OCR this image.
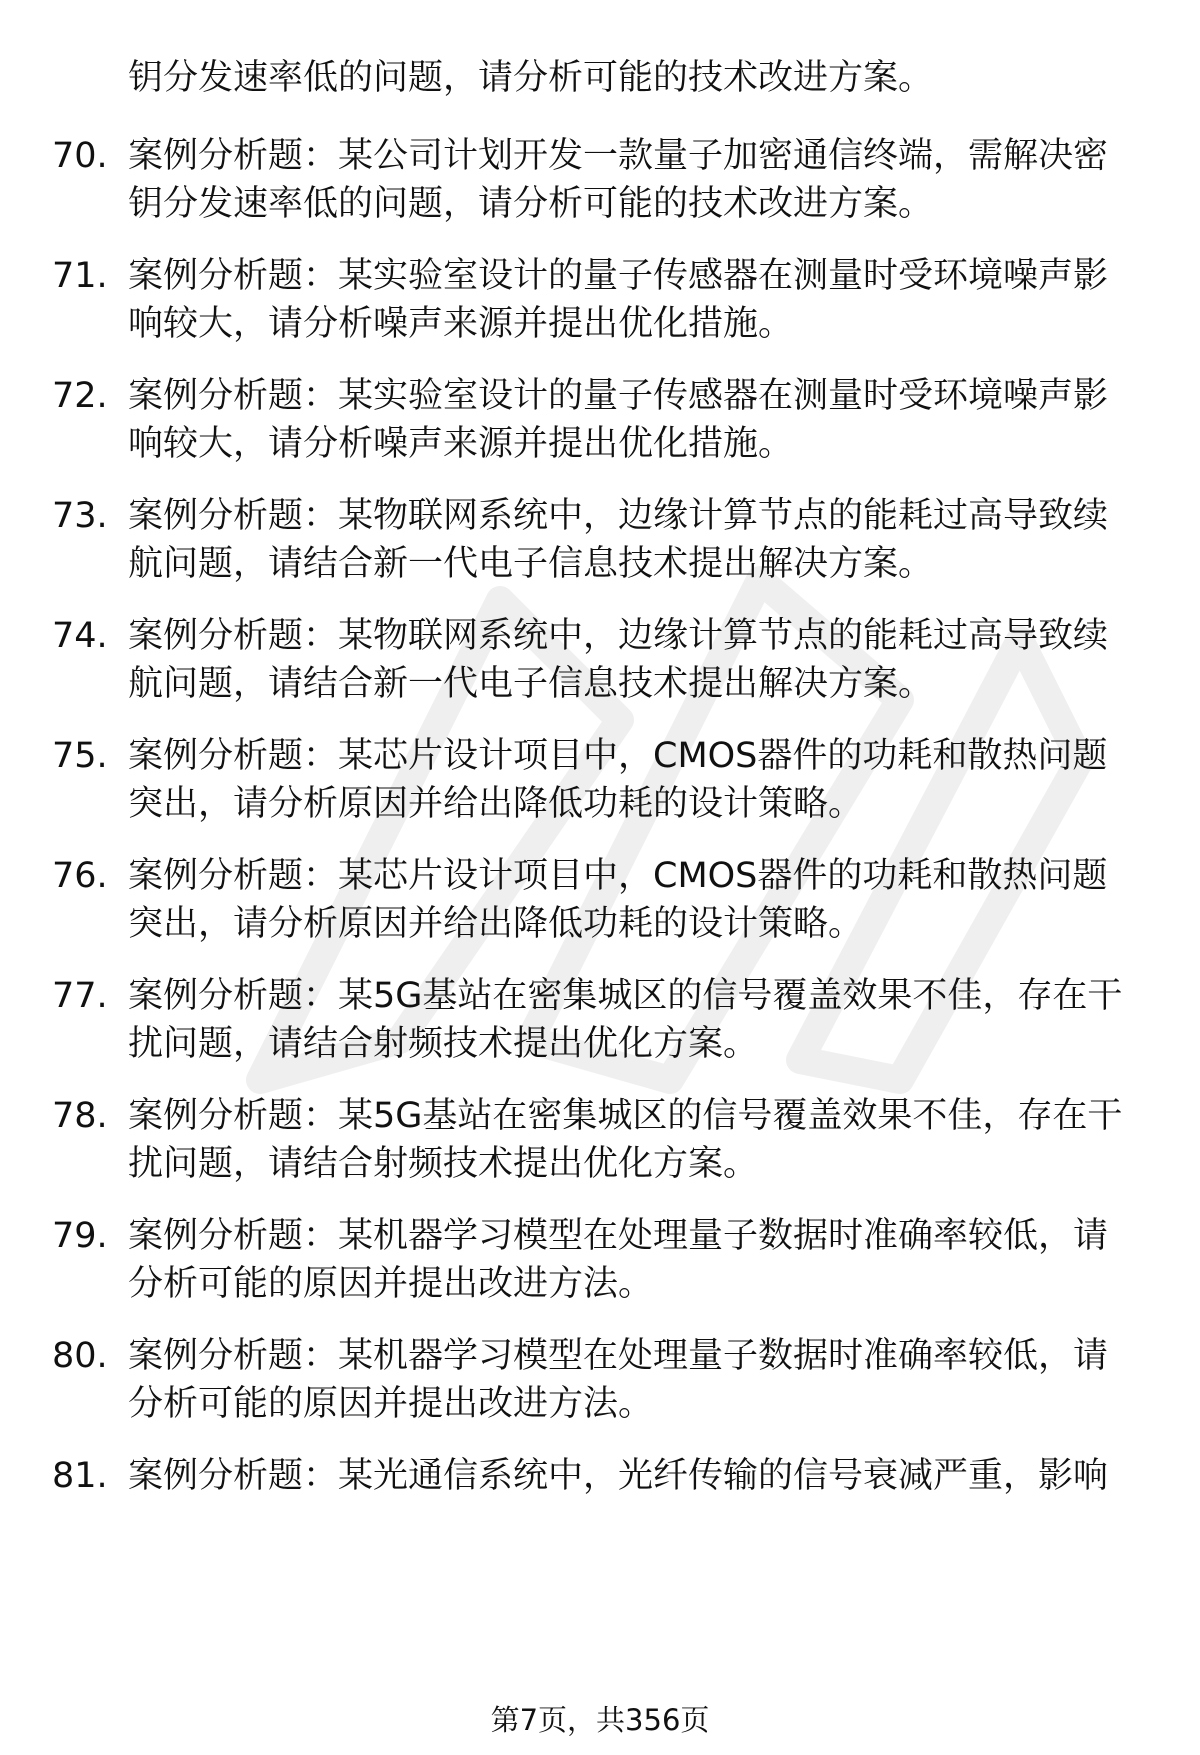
钥分发速率低的问题，请分析可能的技术改进方案。
70. 案例分析题：某公司计划开发一款量子加密通信终端，需解决密
钥分发速率低的问题，请分析可能的技术改进方案。
71. 案例分析题：某实验室设计的量子传感器在测量时受环境噪声影
响较大，请分析噪声来源并提出优化措施。
72. 案例分析题：某实验室设计的量子传感器在测量时受环境噪声影
响较大，请分析噪声来源并提出优化措施。
73. 案例分析题：某物联网系统中，边缘计算节点的能耗过高导致续
航问题，请结合新一代电子信息技术提出解决方案。
74. 案例分析题：某物联网系统中，边缘计算节点的能耗过高导致续
航问题，请结合新一代电子信息技术提出解决方案。
75. 案例分析题：某芯片设计项目中，CMOS器件的功耗和散热问题
突出，请分析原因并给出降低功耗的设计策略。
76. 案例分析题：某芯片设计项目中，CMOS器件的功耗和散热问题
突出，请分析原因并给出降低功耗的设计策略。
77. 案例分析题：某5G基站在密集城区的信号覆盖效果不佳，存在干
扰问题，请结合射频技术提出优化方案。
78. 案例分析题：某5G基站在密集城区的信号覆盖效果不佳，存在干
扰问题，请结合射频技术提出优化方案。
79. 案例分析题：某机器学习模型在处理量子数据时准确率较低，请
分析可能的原因并提出改进方法。
80. 案例分析题：某机器学习模型在处理量子数据时准确率较低，请
分析可能的原因并提出改进方法。
81. 案例分析题：某光通信系统中，光纤传输的信号衰减严重，影响
第7页，共356页
